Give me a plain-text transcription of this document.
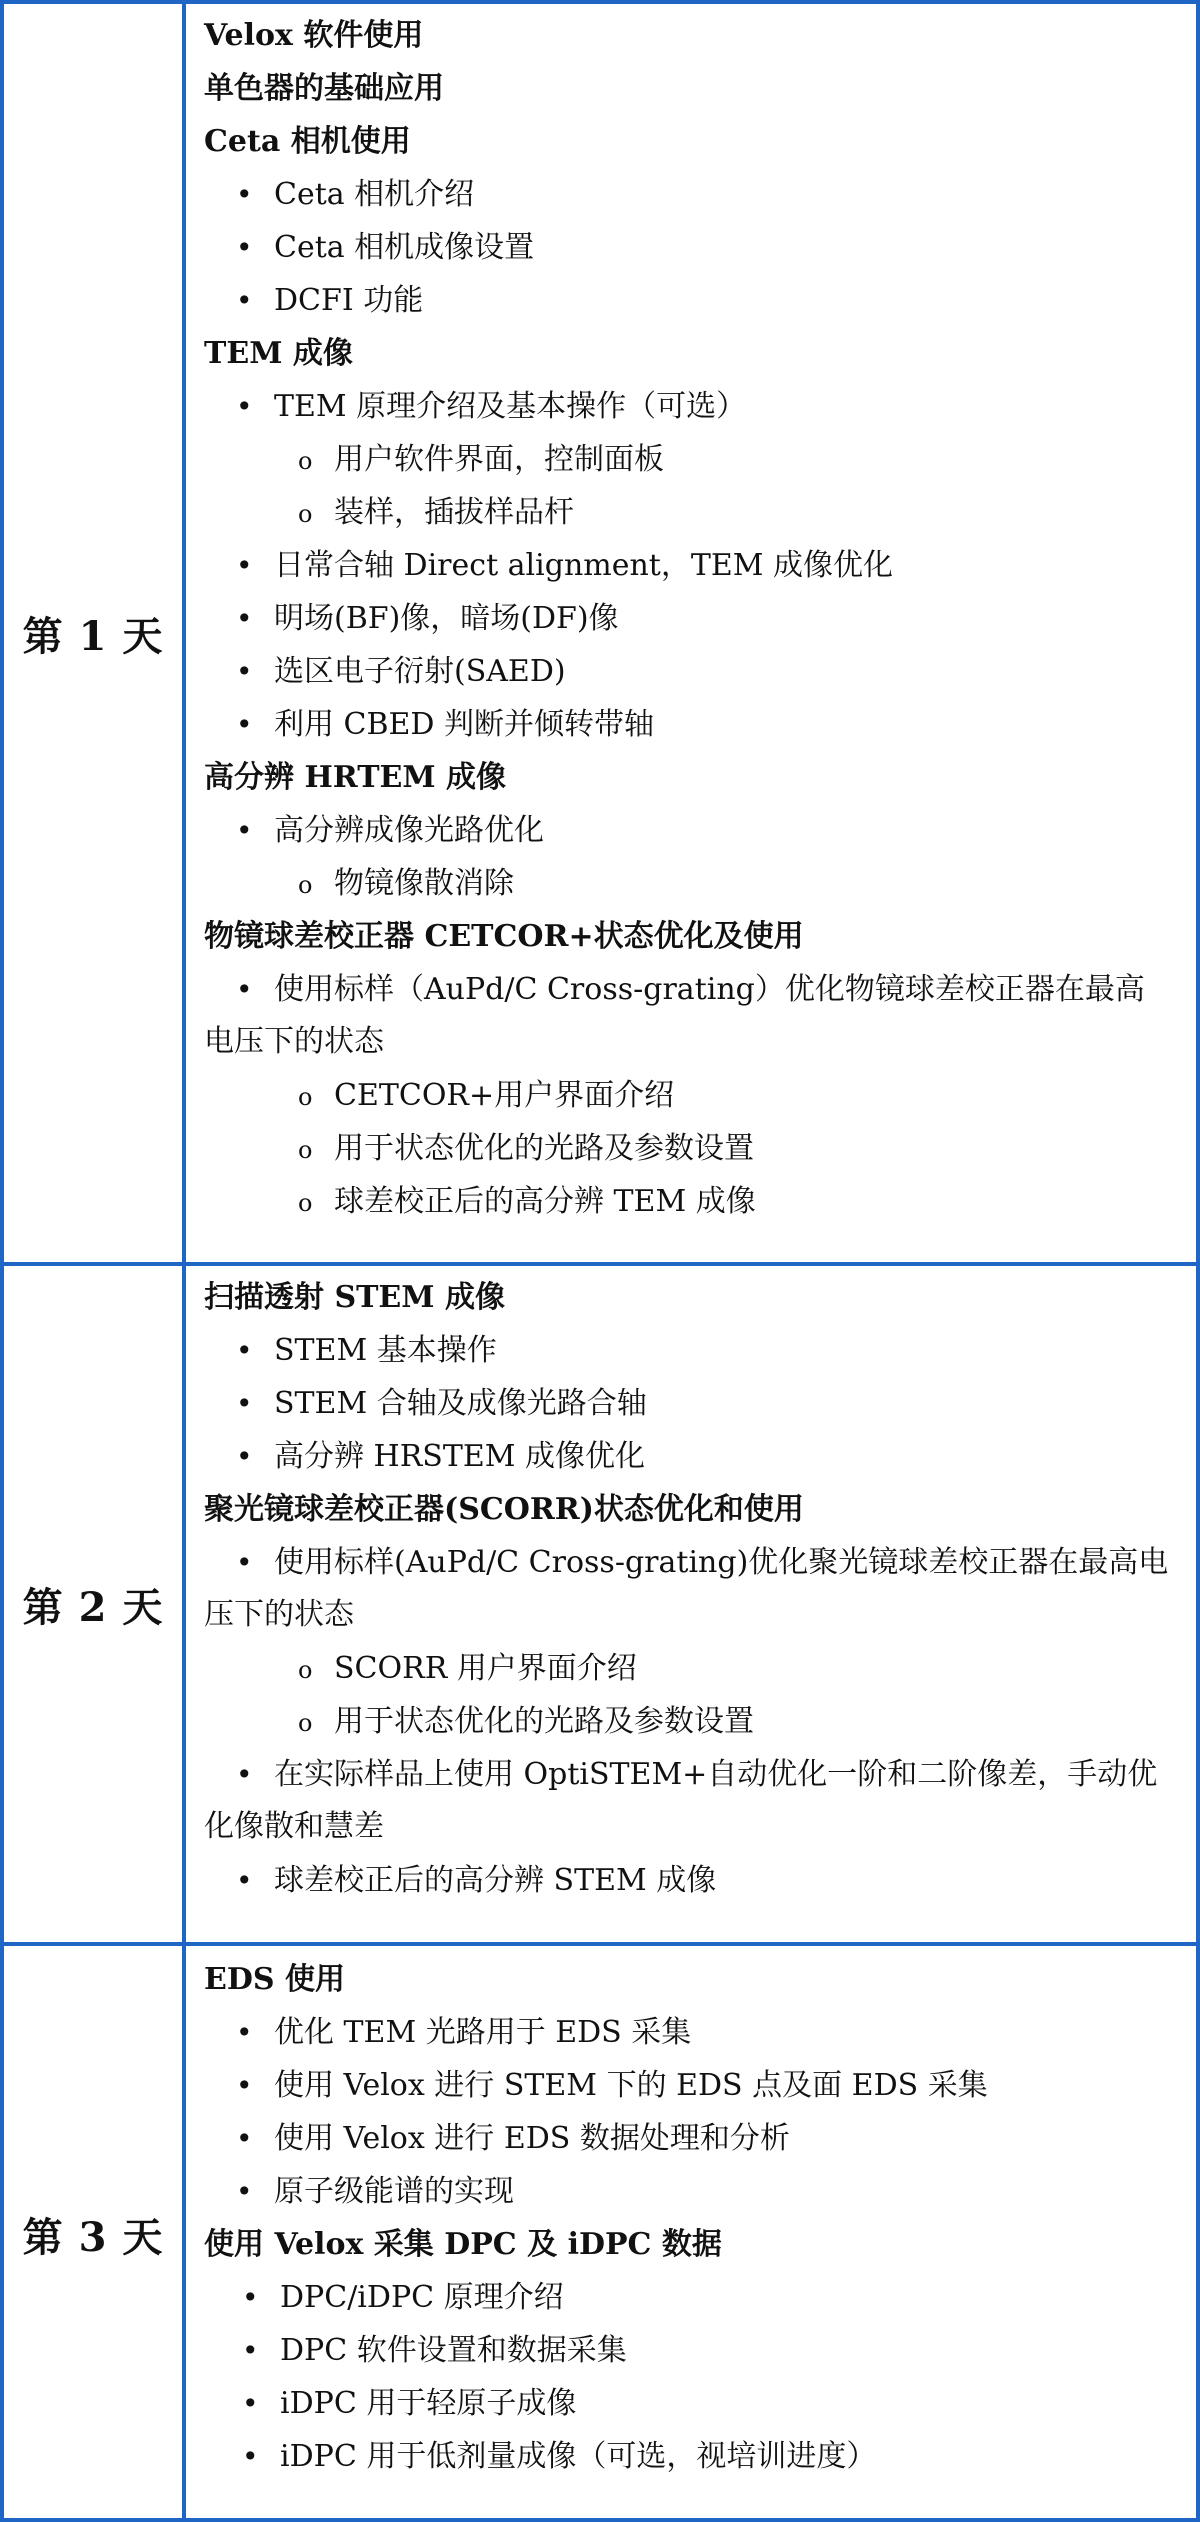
第 1 天
Velox 软件使用
单色器的基础应用
Ceta 相机使用
• Ceta 相机介绍
• Ceta 相机成像设置
• DCFI 功能
TEM 成像
• TEM 原理介绍及基本操作（可选）
o 用户软件界面，控制面板
o 装样，插拔样品杆
• 日常合轴 Direct alignment，TEM 成像优化
• 明场(BF)像，暗场(DF)像
• 选区电子衍射(SAED)
• 利用 CBED 判断并倾转带轴
高分辨 HRTEM 成像
• 高分辨成像光路优化
o 物镜像散消除
物镜球差校正器 CETCOR+状态优化及使用
• 使用标样（AuPd/C Cross-grating）优化物镜球差校正器在最高电压下的状态
o CETCOR+用户界面介绍
o 用于状态优化的光路及参数设置
o 球差校正后的高分辨 TEM 成像
第 2 天
扫描透射 STEM 成像
• STEM 基本操作
• STEM 合轴及成像光路合轴
• 高分辨 HRSTEM 成像优化
聚光镜球差校正器(SCORR)状态优化和使用
• 使用标样(AuPd/C Cross-grating)优化聚光镜球差校正器在最高电压下的状态
o SCORR 用户界面介绍
o 用于状态优化的光路及参数设置
• 在实际样品上使用 OptiSTEM+自动优化一阶和二阶像差，手动优化像散和慧差
• 球差校正后的高分辨 STEM 成像
第 3 天
EDS 使用
• 优化 TEM 光路用于 EDS 采集
• 使用 Velox 进行 STEM 下的 EDS 点及面 EDS 采集
• 使用 Velox 进行 EDS 数据处理和分析
• 原子级能谱的实现
使用 Velox 采集 DPC 及 iDPC 数据
• DPC/iDPC 原理介绍
• DPC 软件设置和数据采集
• iDPC 用于轻原子成像
• iDPC 用于低剂量成像（可选，视培训进度）
